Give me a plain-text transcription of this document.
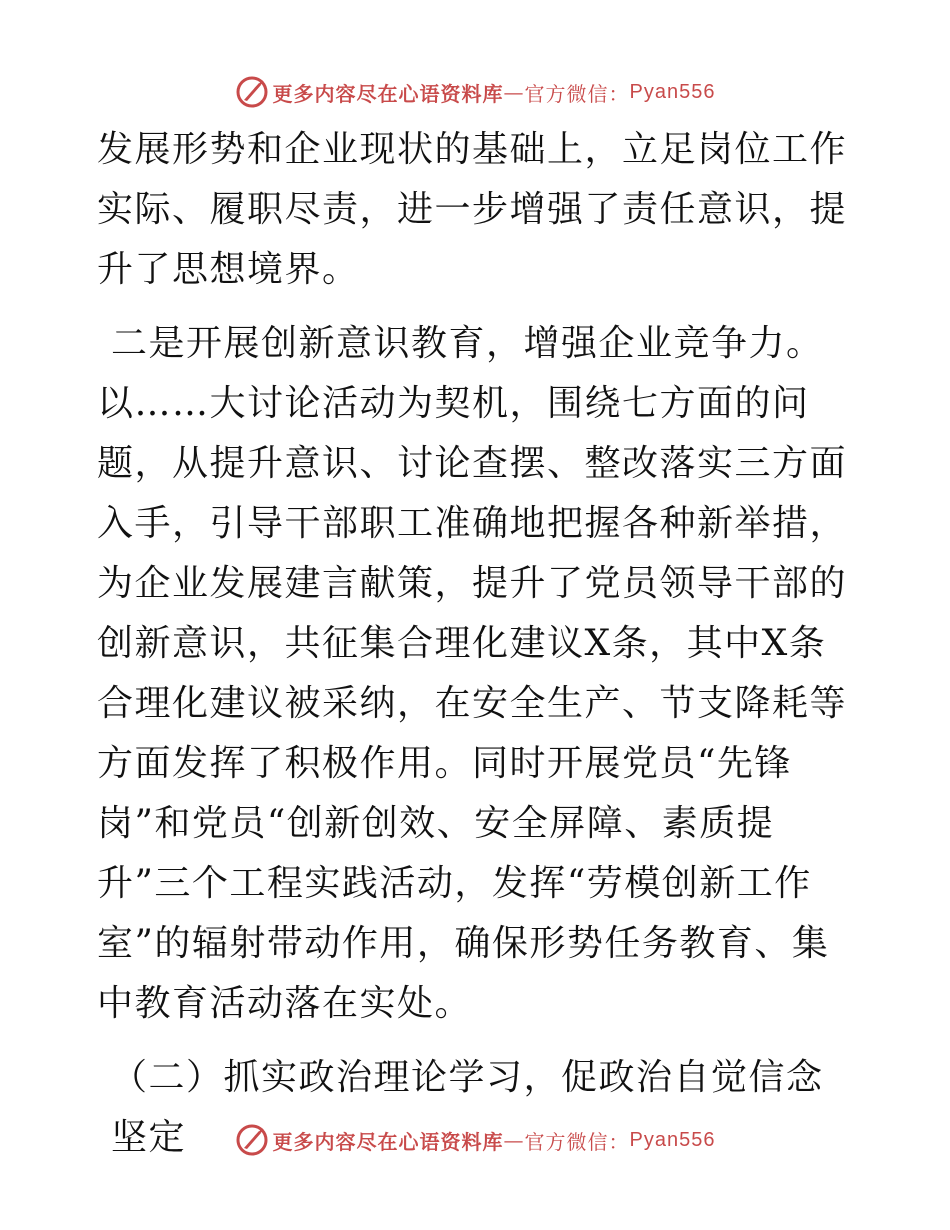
更多内容尽在心语资料库 — 官方微信： Pyan556

发展形势和企业现状的基础上，立足岗位工作实际、履职尽责，进一步增强了责任意识，提升了思想境界。

二是开展创新意识教育，增强企业竞争力。
以……大讨论活动为契机，围绕七方面的问题，从提升意识、讨论查摆、整改落实三方面入手，引导干部职工准确地把握各种新举措，为企业发展建言献策，提升了党员领导干部的创新意识，共征集合理化建议X条，其中X条合理化建议被采纳，在安全生产、节支降耗等方面发挥了积极作用。同时开展党员“先锋岗”和党员“创新创效、安全屏障、素质提升”三个工程实践活动，发挥“劳模创新工作室”的辐射带动作用，确保形势任务教育、集中教育活动落在实处。

（二）抓实政治理论学习，促政治自觉信念坚定	更多内容尽在心语资料库 — 官方微信： Pyan556
